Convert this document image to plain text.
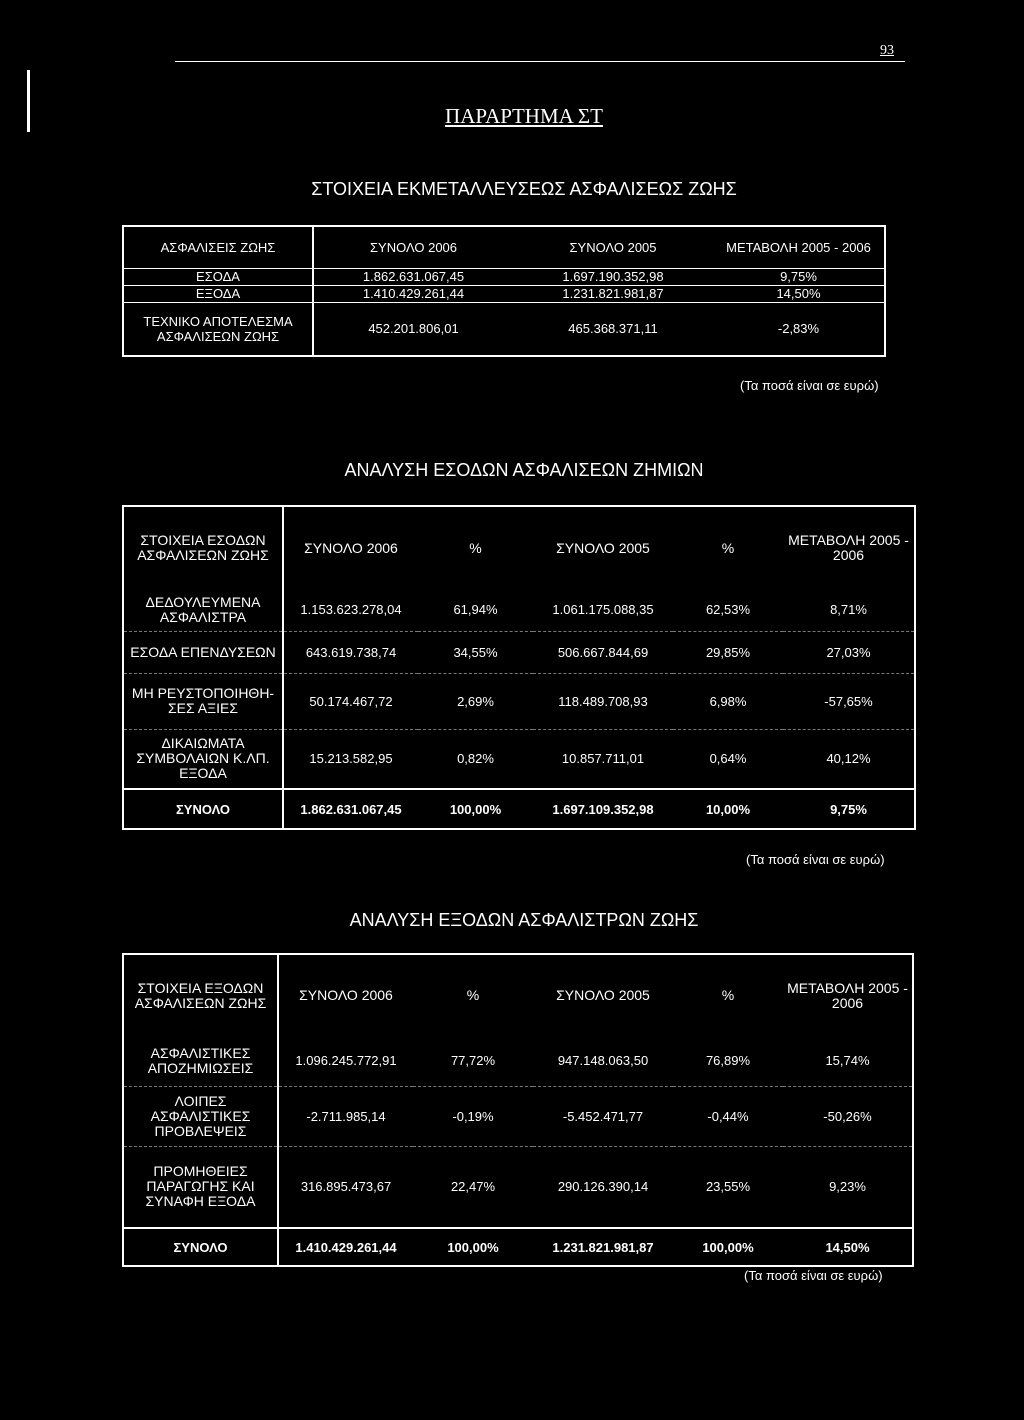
93
ΠΑΡΑΡΤΗΜΑ ΣΤ
ΣΤΟΙΧΕΙΑ ΕΚΜΕΤΑΛΛΕΥΣΕΩΣ ΑΣΦΑΛΙΣΕΩΣ ΖΩΗΣ
ΑΣΦΑΛΙΣΕΙΣ ΖΩΗΣ	ΣΥΝΟΛΟ 2006	ΣΥΝΟΛΟ 2005	ΜΕΤΑΒΟΛΗ 2005 - 2006
ΕΣΟΔΑ	1.862.631.067,45	1.697.190.352,98	9,75%
ΕΞΟΔΑ	1.410.429.261,44	1.231.821.981,87	14,50%
ΤΕΧΝΙΚΟ ΑΠΟΤΕΛΕΣΜΑ ΑΣΦΑΛΙΣΕΩΝ ΖΩΗΣ	452.201.806,01	465.368.371,11	-2,83%
(Τα ποσά είναι σε ευρώ)
ΑΝΑΛΥΣΗ ΕΣΟΔΩΝ ΑΣΦΑΛΙΣΕΩΝ ΖΗΜΙΩΝ
ΣΤΟΙΧΕΙΑ ΕΣΟΔΩΝ ΑΣΦΑΛΙΣΕΩΝ ΖΩΗΣ	ΣΥΝΟΛΟ 2006	%	ΣΥΝΟΛΟ 2005	%	ΜΕΤΑΒΟΛΗ 2005 - 2006
ΔΕΔΟΥΛΕΥΜΕΝΑ ΑΣΦΑΛΙΣΤΡΑ	1.153.623.278,04	61,94%	1.061.175.088,35	62,53%	8,71%
ΕΣΟΔΑ ΕΠΕΝΔΥΣΕΩΝ	643.619.738,74	34,55%	506.667.844,69	29,85%	27,03%
ΜΗ ΡΕΥΣΤΟΠΟΙΗΘΗ-ΣΕΣ ΑΞΙΕΣ	50.174.467,72	2,69%	118.489.708,93	6,98%	-57,65%
ΔΙΚΑΙΩΜΑΤΑ ΣΥΜΒΟΛΑΙΩΝ Κ.ΛΠ. ΕΞΟΔΑ	15.213.582,95	0,82%	10.857.711,01	0,64%	40,12%
ΣΥΝΟΛΟ	1.862.631.067,45	100,00%	1.697.109.352,98	10,00%	9,75%
(Τα ποσά είναι σε ευρώ)
ΑΝΑΛΥΣΗ ΕΞΟΔΩΝ ΑΣΦΑΛΙΣΤΡΩΝ ΖΩΗΣ
ΣΤΟΙΧΕΙΑ ΕΞΟΔΩΝ ΑΣΦΑΛΙΣΕΩΝ ΖΩΗΣ	ΣΥΝΟΛΟ 2006	%	ΣΥΝΟΛΟ 2005	%	ΜΕΤΑΒΟΛΗ 2005 - 2006
ΑΣΦΑΛΙΣΤΙΚΕΣ ΑΠΟΖΗΜΙΩΣΕΙΣ	1.096.245.772,91	77,72%	947.148.063,50	76,89%	15,74%
ΛΟΙΠΕΣ ΑΣΦΑΛΙΣΤΙΚΕΣ ΠΡΟΒΛΕΨΕΙΣ	-2.711.985,14	-0,19%	-5.452.471,77	-0,44%	-50,26%
ΠΡΟΜΗΘΕΙΕΣ ΠΑΡΑΓΩΓΗΣ ΚΑΙ ΣΥΝΑΦΗ ΕΞΟΔΑ	316.895.473,67	22,47%	290.126.390,14	23,55%	9,23%
ΣΥΝΟΛΟ	1.410.429.261,44	100,00%	1.231.821.981,87	100,00%	14,50%
(Τα ποσά είναι σε ευρώ)
